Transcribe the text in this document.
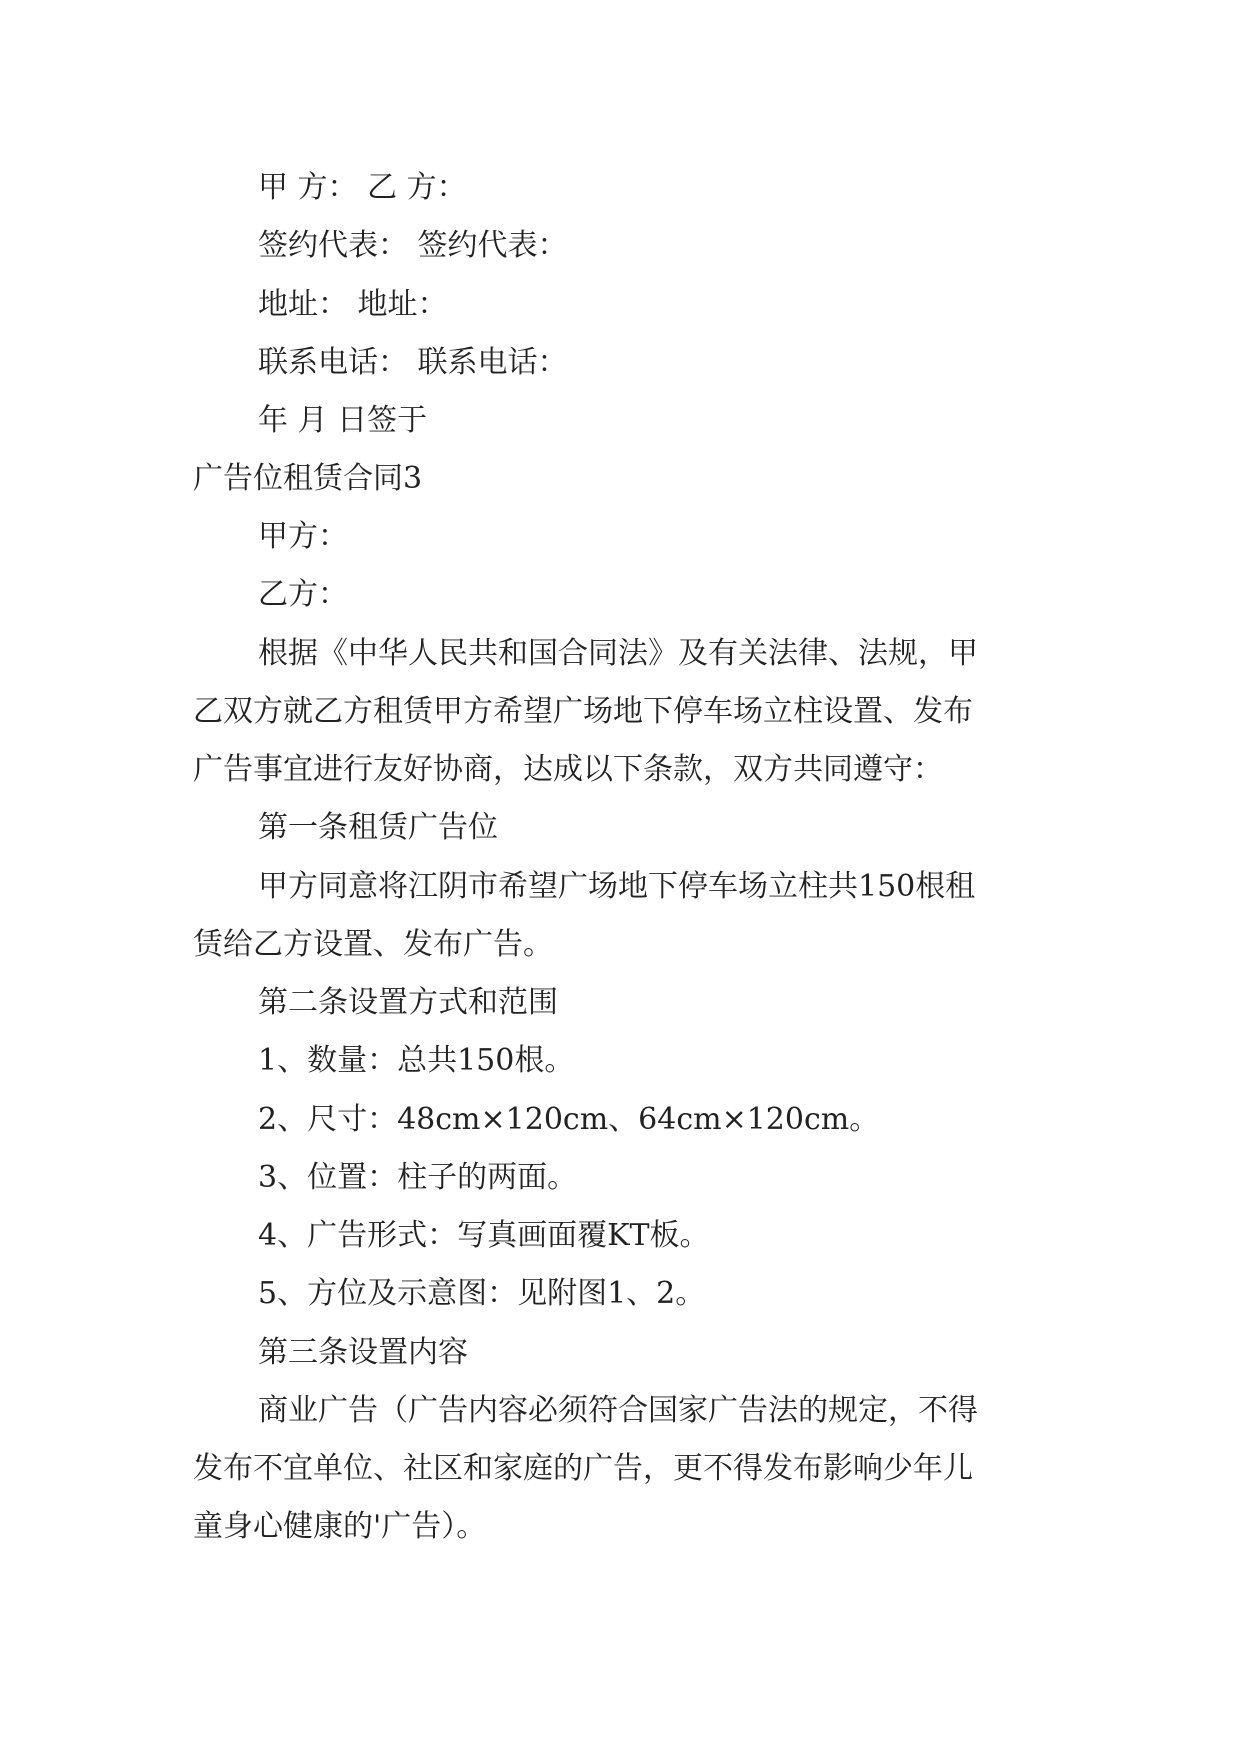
甲 方： 乙 方：

签约代表： 签约代表：

地址： 地址：

联系电话： 联系电话：

年 月 日签于

广告位租赁合同3

甲方：

乙方：

根据《中华人民共和国合同法》及有关法律、法规，甲

乙双方就乙方租赁甲方希望广场地下停车场立柱设置、发布

广告事宜进行友好协商，达成以下条款，双方共同遵守：

第一条租赁广告位

甲方同意将江阴市希望广场地下停车场立柱共150根租

赁给乙方设置、发布广告。

第二条设置方式和范围

1、数量：总共150根。

2、尺寸：48cm×120cm、64cm×120cm。

3、位置：柱子的两面。

4、广告形式：写真画面覆KT板。

5、方位及示意图：见附图1、2。

第三条设置内容

商业广告（广告内容必须符合国家广告法的规定，不得

发布不宜单位、社区和家庭的广告，更不得发布影响少年儿

童身心健康的'广告）。
